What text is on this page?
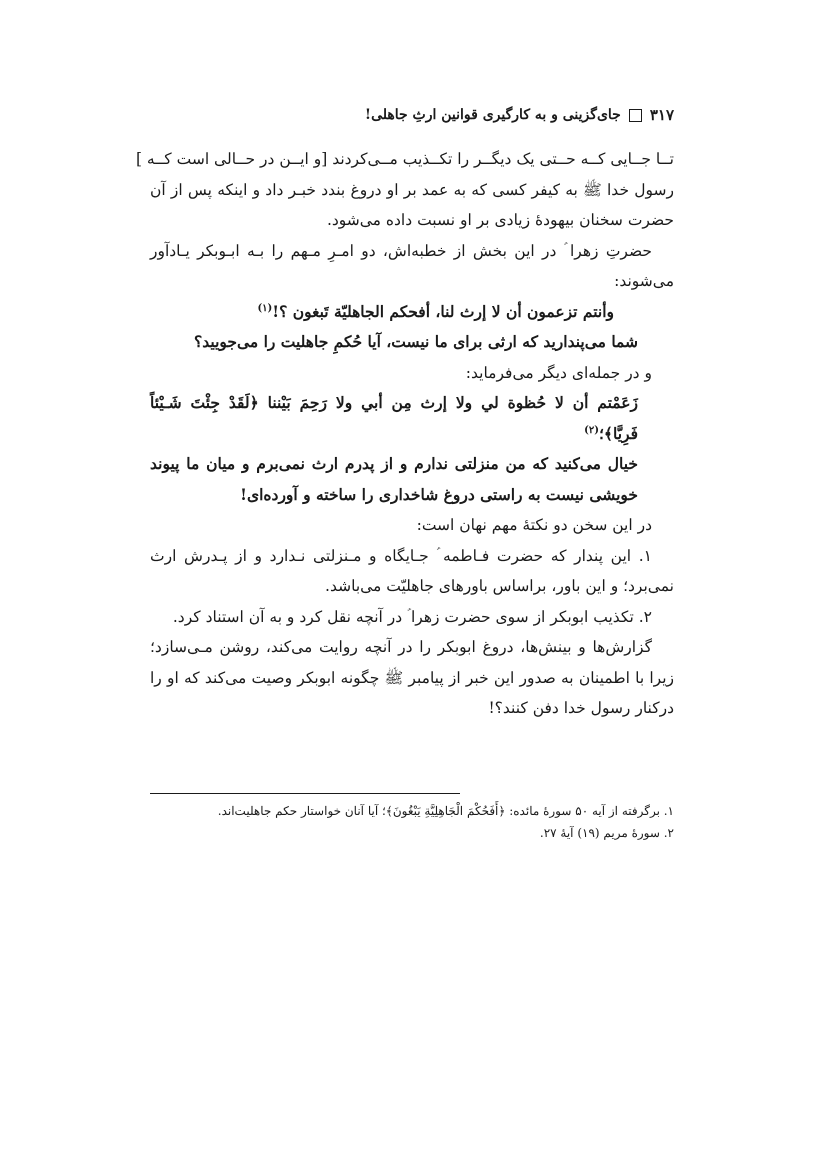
۳۱۷
جای‌گزینی و به کارگیری قوانین ارثِ جاهلی!
تــا جــایی کــه حــتی یک دیگــر را تکــذیب مــی‌کردند [و ایــن در حــالی است کــه ]
رسول خدا ﷺ به کیفر کسی که به عمد بر او دروغ بندد خبـر داد و اینکه پس از آن
حضرت سخنان بیهودهٔ زیادی بر او نسبت داده می‌شود.
حضرتِ زهرا ؑ در این بخش از خطبه‌اش، دو امـرِ مـهم را بـه ابـوبکر یـادآور
می‌شوند:
وأنتم تزعمون أن لا إرث لنا، أفحكم الجاهليّة تَبغون ؟!$^{(۱)}$
شما می‌پندارید که ارثی برای ما نیست، آیا حُکمِ جاهلیت را می‌جویید؟
و در جمله‌ای دیگر می‌فرماید:
زَعَمْتم أن لا حُظوة لي ولا إرث مِن أبي ولا رَحِمَ بَيْننا ﴿لَقَدْ جِئْتَ شَـيْئاً
فَرِيَّا﴾؛$^{(۲)}$
خیال می‌کنید که من منزلتی ندارم و از پدرم ارث نمی‌برم و میان ما پیوند
خویشی نیست به راستی دروغ شاخداری را ساخته و آورده‌ای!
در این سخن دو نکتهٔ مهم نهان است:
۱. این پندار که حضرت فـاطمه ؑ جـایگاه و مـنزلتی نـدارد و از پـدرش ارث
نمی‌برد؛ و این باور، براساس باورهای جاهلیّت می‌باشد.
۲. تکذیب ابوبکر از سوی حضرت زهرا ؑ در آنچه نقل کرد و به آن استناد کرد.
گزارش‌ها و بینش‌ها، دروغ ابوبکر را در آنچه روایت می‌کند، روشن مـی‌سازد؛
زیرا با اطمینان به صدور این خبر از پیامبر ﷺ چگونه ابوبکر وصیت می‌کند که او را
درکنار رسول خدا دفن کنند؟!
۱. برگرفته از آیه ۵۰ سورهٔ مائده: ﴿أَفَحُكْمَ الْجَاهِلِيَّةِ يَبْغُونَ﴾؛ آیا آنان خواستار حکم جاهلیت‌اند.
۲. سورهٔ مریم (۱۹) آیهٔ ۲۷.
